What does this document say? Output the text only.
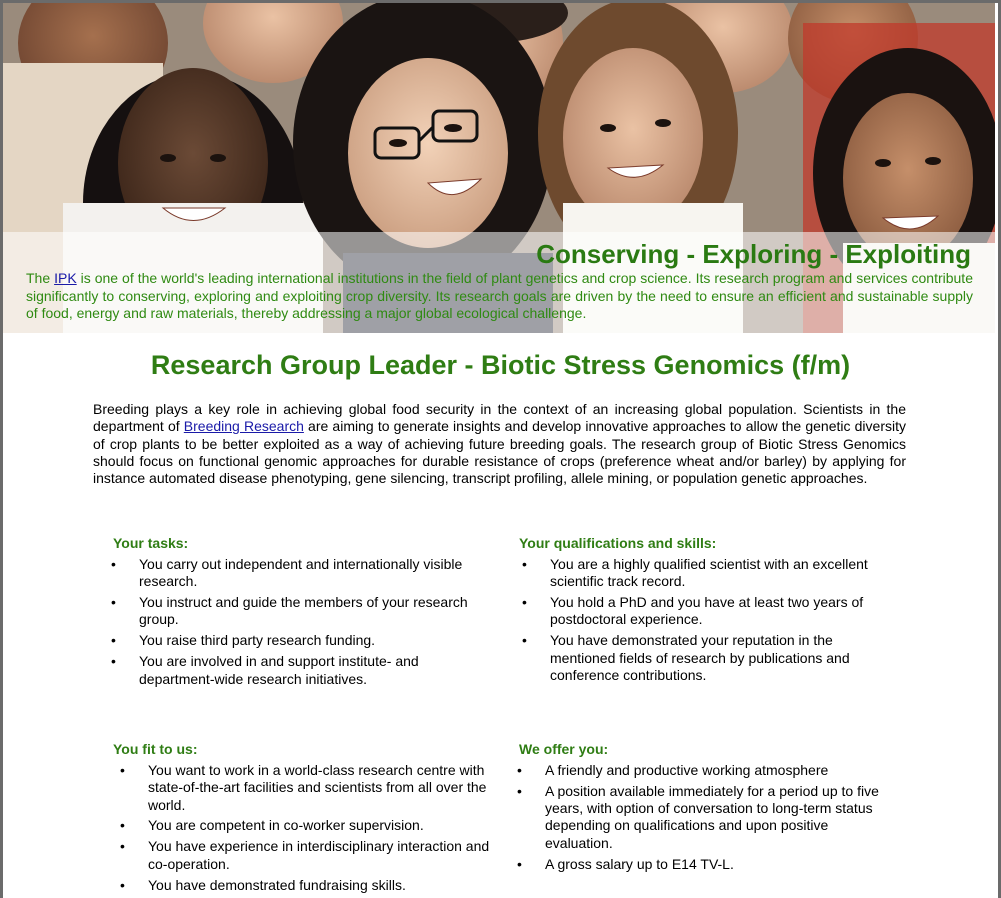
Conserving - Exploring - Exploiting
The IPK is one of the world's leading international institutions in the field of plant genetics and crop science. Its research program and services contribute significantly to conserving, exploring and exploiting crop diversity. Its research goals are driven by the need to ensure an efficient and sustainable supply of food, energy and raw materials, thereby addressing a major global ecological challenge.
Research Group Leader - Biotic Stress Genomics (f/m)
Breeding plays a key role in achieving global food security in the context of an increasing global population. Scientists in the department of Breeding Research are aiming to generate insights and develop innovative approaches to allow the genetic diversity of crop plants to be better exploited as a way of achieving future breeding goals. The research group of Biotic Stress Genomics should focus on functional genomic approaches for durable resistance of crops (preference wheat and/or barley) by applying for instance automated disease phenotyping, gene silencing, transcript profiling, allele mining, or population genetic approaches.
Your tasks:
• You carry out independent and internationally visible research.
• You instruct and guide the members of your research group.
• You raise third party research funding.
• You are involved in and support institute- and department-wide research initiatives.
Your qualifications and skills:
• You are a highly qualified scientist with an excellent scientific track record.
• You hold a PhD and you have at least two years of postdoctoral experience.
• You have demonstrated your reputation in the mentioned fields of research by publications and conference contributions.
You fit to us:
• You want to work in a world-class research centre with state-of-the-art facilities and scientists from all over the world.
• You are competent in co-worker supervision.
• You have experience in interdisciplinary interaction and co-operation.
• You have demonstrated fundraising skills.
We offer you:
• A friendly and productive working atmosphere
• A position available immediately for a period up to five years, with option of conversation to long-term status depending on qualifications and upon positive evaluation.
• A gross salary up to E14 TV-L.
